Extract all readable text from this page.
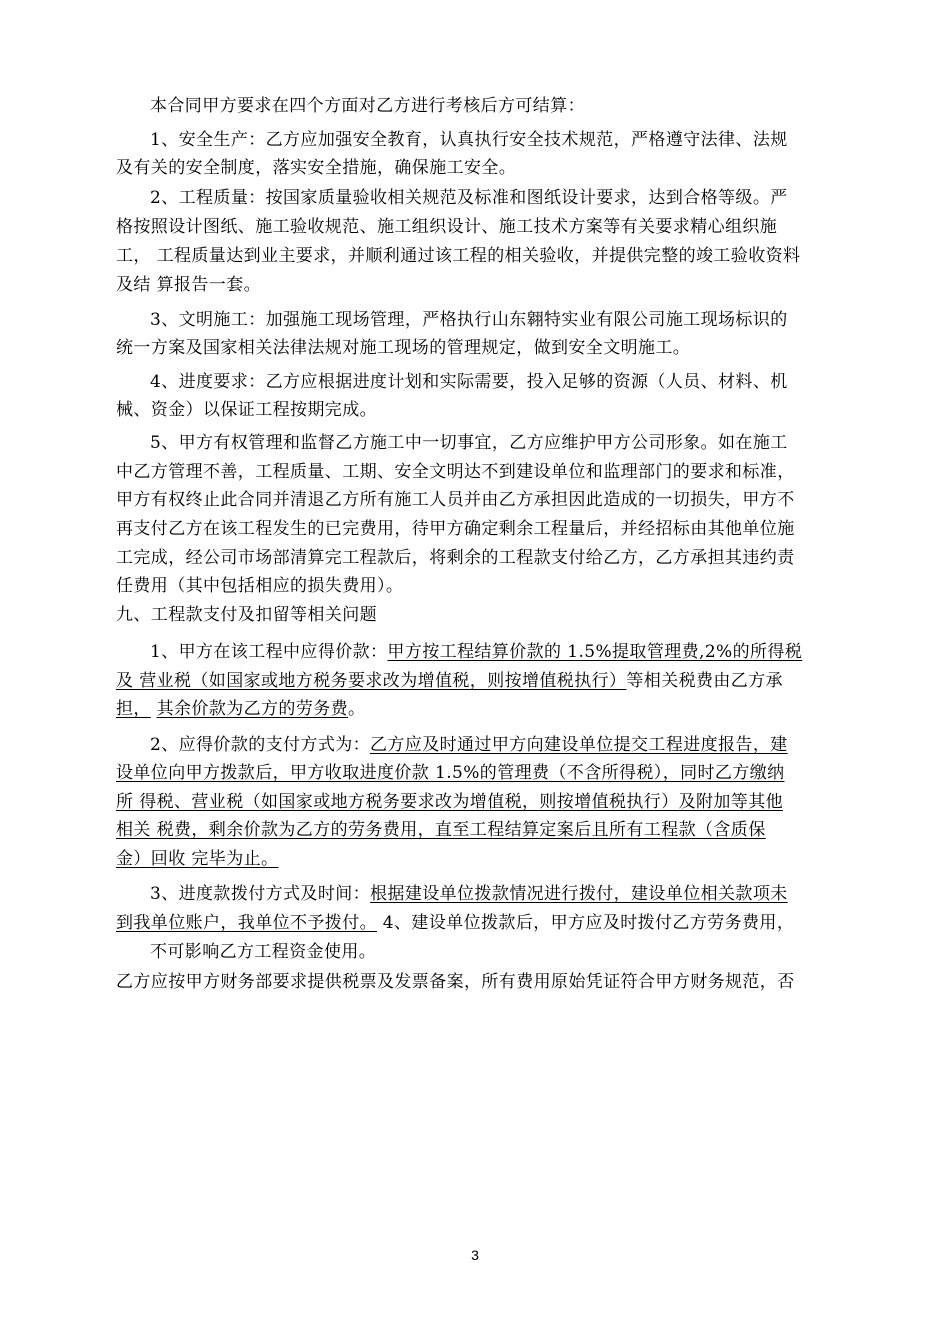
本合同甲方要求在四个方面对乙方进行考核后方可结算：
1、安全生产：乙方应加强安全教育，认真执行安全技术规范，严格遵守法律、法规
及有关的安全制度，落实安全措施，确保施工安全。
2、工程质量：按国家质量验收相关规范及标准和图纸设计要求，达到合格等级。严
格按照设计图纸、施工验收规范、施工组织设计、施工技术方案等有关要求精心组织施
工， 工程质量达到业主要求，并顺利通过该工程的相关验收，并提供完整的竣工验收资料
及结 算报告一套。
3、文明施工：加强施工现场管理，严格执行山东翱特实业有限公司施工现场标识的
统一方案及国家相关法律法规对施工现场的管理规定，做到安全文明施工。
4、进度要求：乙方应根据进度计划和实际需要，投入足够的资源（人员、材料、机
械、资金）以保证工程按期完成。
5、甲方有权管理和监督乙方施工中一切事宜，乙方应维护甲方公司形象。如在施工
中乙方管理不善，工程质量、工期、安全文明达不到建设单位和监理部门的要求和标准，
甲方有权终止此合同并清退乙方所有施工人员并由乙方承担因此造成的一切损失，甲方不
再支付乙方在该工程发生的已完费用，待甲方确定剩余工程量后，并经招标由其他单位施
工完成，经公司市场部清算完工程款后，将剩余的工程款支付给乙方，乙方承担其违约责
任费用（其中包括相应的损失费用）。
九、工程款支付及扣留等相关问题
1、甲方在该工程中应得价款：甲方按工程结算价款的 1.5%提取管理费,2%的所得税
及 营业税（如国家或地方税务要求改为增值税，则按增值税执行）等相关税费由乙方承
担， 其余价款为乙方的劳务费。
2、应得价款的支付方式为：乙方应及时通过甲方向建设单位提交工程进度报告，建
设单位向甲方拨款后，甲方收取进度价款 1.5%的管理费（不含所得税），同时乙方缴纳
所 得税、营业税（如国家或地方税务要求改为增值税，则按增值税执行）及附加等其他
相关 税费，剩余价款为乙方的劳务费用，直至工程结算定案后且所有工程款（含质保
金）回收 完毕为止。
3、进度款拨付方式及时间：根据建设单位拨款情况进行拨付，建设单位相关款项未
到我单位账户，我单位不予拨付。 4、建设单位拨款后，甲方应及时拨付乙方劳务费用，
不可影响乙方工程资金使用。
乙方应按甲方财务部要求提供税票及发票备案，所有费用原始凭证符合甲方财务规范，否
3
